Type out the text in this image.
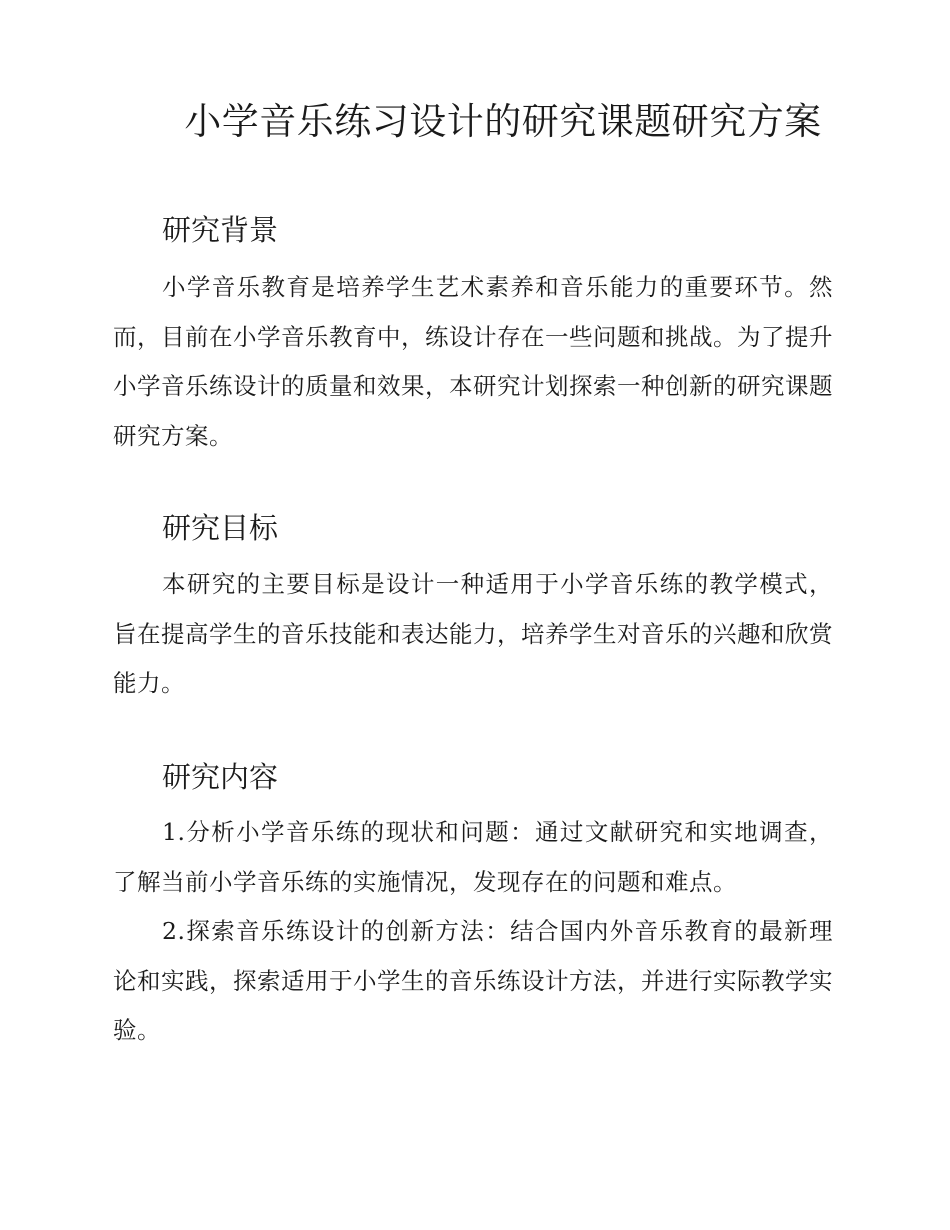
小学音乐练习设计的研究课题研究方案
研究背景

小学音乐教育是培养学生艺术素养和音乐能力的重要环节。然而，目前在小学音乐教育中，练设计存在一些问题和挑战。为了提升小学音乐练设计的质量和效果，本研究计划探索一种创新的研究课题研究方案。

研究目标

本研究的主要目标是设计一种适用于小学音乐练的教学模式，旨在提高学生的音乐技能和表达能力，培养学生对音乐的兴趣和欣赏能力。

研究内容

1.分析小学音乐练的现状和问题：通过文献研究和实地调查，了解当前小学音乐练的实施情况，发现存在的问题和难点。

2.探索音乐练设计的创新方法：结合国内外音乐教育的最新理论和实践，探索适用于小学生的音乐练设计方法，并进行实际教学实验。
